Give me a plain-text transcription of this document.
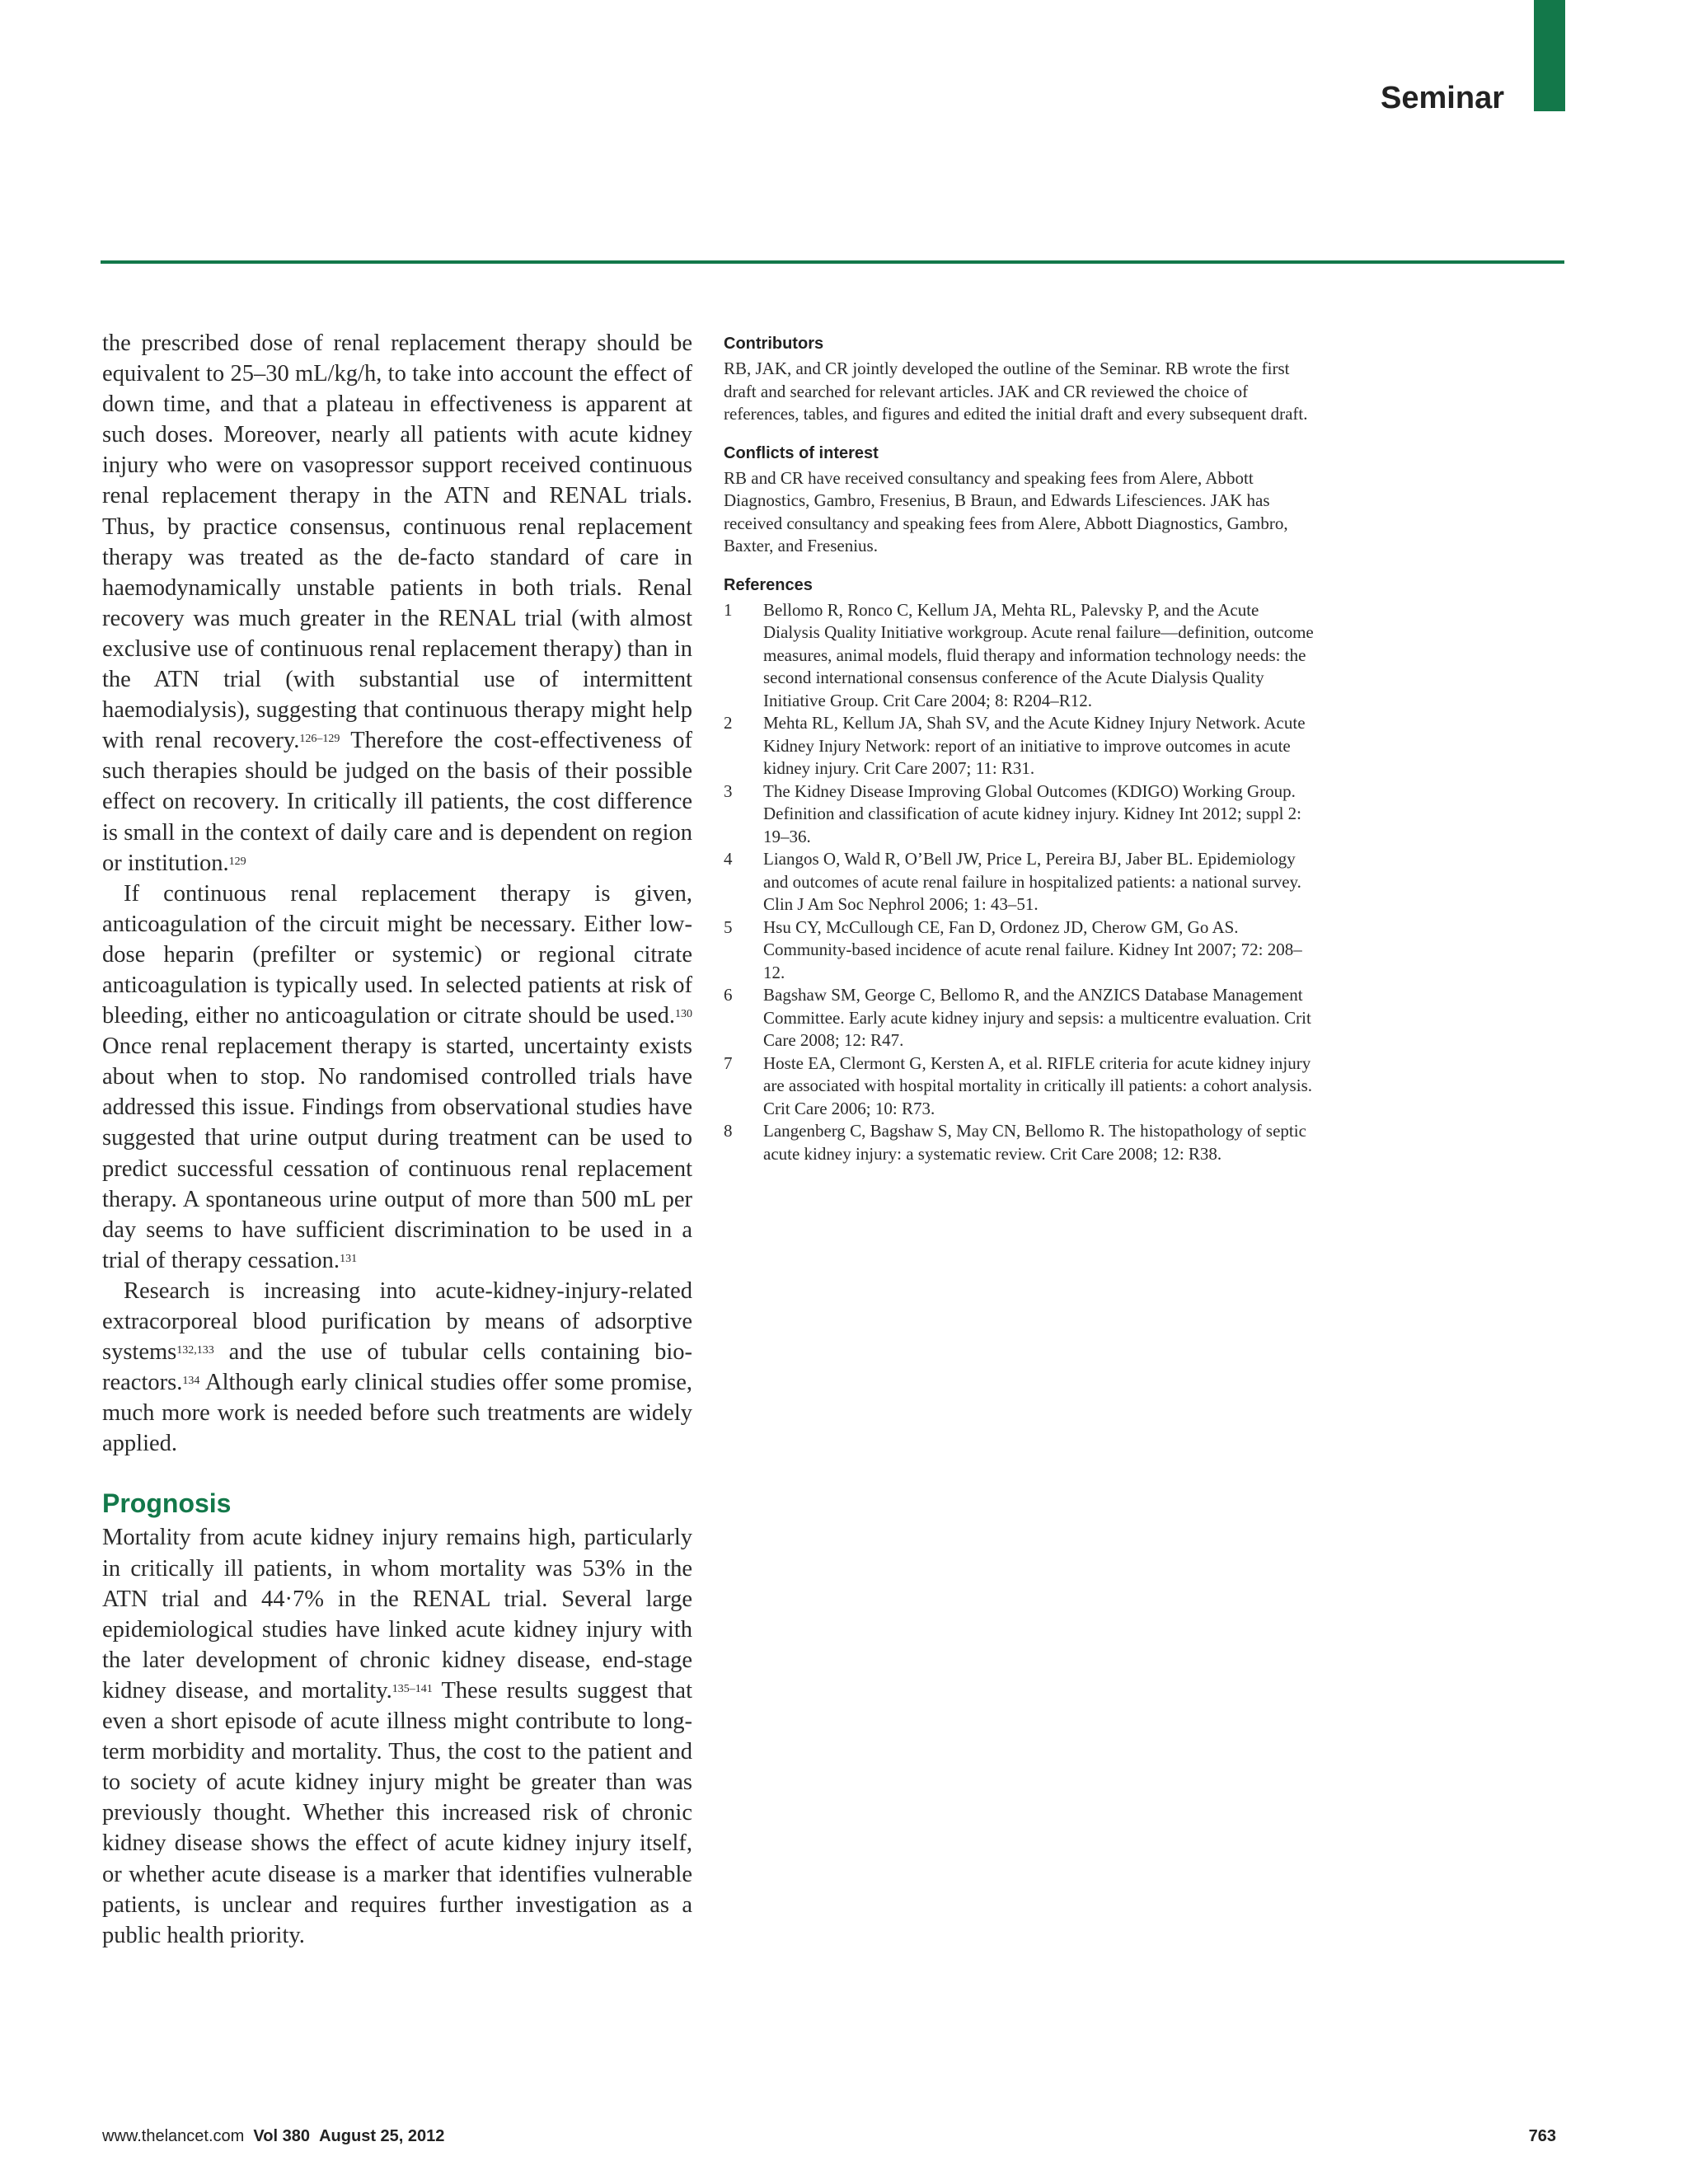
Seminar

the prescribed dose of renal replacement therapy should be equivalent to 25–30 mL/kg/h, to take into account the effect of down time, and that a plateau in effectiveness is apparent at such doses. Moreover, nearly all patients with acute kidney injury who were on vasopressor support received continuous renal replacement therapy in the ATN and RENAL trials. Thus, by practice consensus, continuous renal replacement therapy was treated as the de-facto standard of care in haemodynamically unstable patients in both trials. Renal recovery was much greater in the RENAL trial (with almost exclusive use of continuous renal replacement therapy) than in the ATN trial (with substantial use of intermittent haemodialysis), suggesting that continuous therapy might help with renal recovery.$^{126-129}$ Therefore the cost-effectiveness of such therapies should be judged on the basis of their possible effect on recovery. In critically ill patients, the cost difference is small in the context of daily care and is dependent on region or institution.$^{129}$

If continuous renal replacement therapy is given, anticoagulation of the circuit might be necessary. Either low-dose heparin (prefilter or systemic) or regional citrate anticoagulation is typically used. In selected patients at risk of bleeding, either no anticoagulation or citrate should be used.$^{130}$ Once renal replacement therapy is started, uncertainty exists about when to stop. No randomised controlled trials have addressed this issue. Findings from observational studies have suggested that urine output during treatment can be used to predict successful cessation of continuous renal replacement therapy. A spontaneous urine output of more than 500 mL per day seems to have sufficient discrimination to be used in a trial of therapy cessation.$^{131}$

Research is increasing into acute-kidney-injury-related extracorporeal blood purification by means of adsorptive systems$^{132,133}$ and the use of tubular cells containing bioreactors.$^{134}$ Although early clinical studies offer some promise, much more work is needed before such treatments are widely applied.

Prognosis

Mortality from acute kidney injury remains high, particularly in critically ill patients, in whom mortality was 53% in the ATN trial and 44·7% in the RENAL trial. Several large epidemiological studies have linked acute kidney injury with the later development of chronic kidney disease, end-stage kidney disease, and mortality.$^{135-141}$ These results suggest that even a short episode of acute illness might contribute to long-term morbidity and mortality. Thus, the cost to the patient and to society of acute kidney injury might be greater than was previously thought. Whether this increased risk of chronic kidney disease shows the effect of acute kidney injury itself, or whether acute disease is a marker that identifies vulnerable patients, is unclear and requires further investigation as a public health priority.

Contributors

RB, JAK, and CR jointly developed the outline of the Seminar. RB wrote the first draft and searched for relevant articles. JAK and CR reviewed the choice of references, tables, and figures and edited the initial draft and every subsequent draft.

Conflicts of interest

RB and CR have received consultancy and speaking fees from Alere, Abbott Diagnostics, Gambro, Fresenius, B Braun, and Edwards Lifesciences. JAK has received consultancy and speaking fees from Alere, Abbott Diagnostics, Gambro, Baxter, and Fresenius.

References
1	Bellomo R, Ronco C, Kellum JA, Mehta RL, Palevsky P, and the Acute Dialysis Quality Initiative workgroup. Acute renal failure—definition, outcome measures, animal models, fluid therapy and information technology needs: the second international consensus conference of the Acute Dialysis Quality Initiative Group. Crit Care 2004; 8: R204–R12.
2	Mehta RL, Kellum JA, Shah SV, and the Acute Kidney Injury Network. Acute Kidney Injury Network: report of an initiative to improve outcomes in acute kidney injury. Crit Care 2007; 11: R31.
3	The Kidney Disease Improving Global Outcomes (KDIGO) Working Group. Definition and classification of acute kidney injury. Kidney Int 2012; suppl 2: 19–36.
4	Liangos O, Wald R, O’Bell JW, Price L, Pereira BJ, Jaber BL. Epidemiology and outcomes of acute renal failure in hospitalized patients: a national survey. Clin J Am Soc Nephrol 2006; 1: 43–51.
5	Hsu CY, McCullough CE, Fan D, Ordonez JD, Cherow GM, Go AS. Community-based incidence of acute renal failure. Kidney Int 2007; 72: 208–12.
6	Bagshaw SM, George C, Bellomo R, and the ANZICS Database Management Committee. Early acute kidney injury and sepsis: a multicentre evaluation. Crit Care 2008; 12: R47.
7	Hoste EA, Clermont G, Kersten A, et al. RIFLE criteria for acute kidney injury are associated with hospital mortality in critically ill patients: a cohort analysis. Crit Care 2006; 10: R73.
8	Langenberg C, Bagshaw S, May CN, Bellomo R. The histopathology of septic acute kidney injury: a systematic review. Crit Care 2008; 12: R38.
www.thelancet.com Vol 380 August 25, 2012	763
